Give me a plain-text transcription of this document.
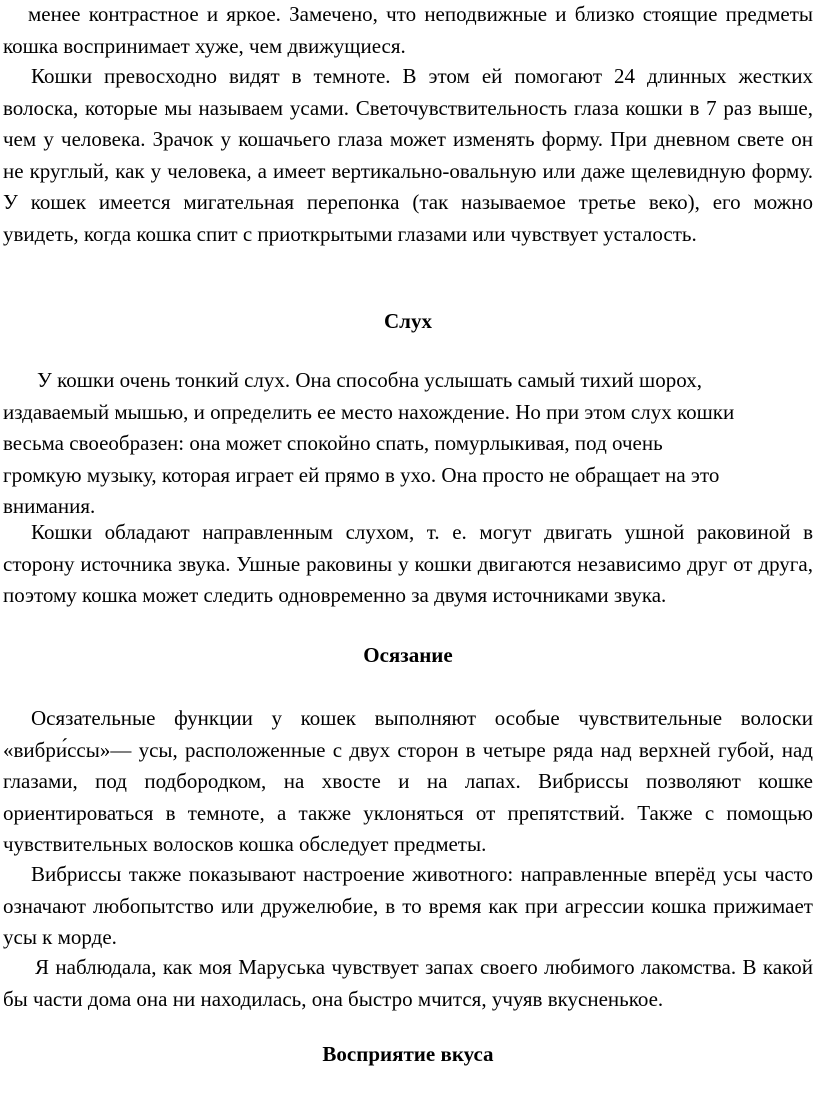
менее контрастное и яркое. Замечено, что неподвижные и близко стоящие предметы кошка воспринимает хуже, чем движущиеся.

Кошки превосходно видят в темноте. В этом ей помогают 24 длинных жестких волоска, которые мы называем усами. Светочувствительность глаза кошки в 7 раз выше, чем у человека. Зрачок у кошачьего глаза может изменять форму. При дневном свете он не круглый, как у человека, а имеет вертикально-овальную или даже щелевидную форму. У кошек имеется мигательная перепонка (так называемое третье веко), его можно увидеть, когда кошка спит с приоткрытыми глазами или чувствует усталость.

Слух
У кошки очень тонкий слух. Она способна услышать самый тихий шорох,
издаваемый мышью, и определить ее место нахождение. Но при этом слух кошки
весьма своеобразен: она может спокойно спать, помурлыкивая, под очень
громкую музыку, которая играет ей прямо в ухо. Она просто не обращает на это
внимания.

Кошки обладают направленным слухом, т. е. могут двигать ушной раковиной в сторону источника звука. Ушные раковины у кошки двигаются независимо друг от друга, поэтому кошка может следить одновременно за двумя источниками звука.

Осязание

Осязательные функции у кошек выполняют особые чувствительные волоски «вибри́ссы»— усы, расположенные с двух сторон в четыре ряда над верхней губой, над глазами, под подбородком, на хвосте и на лапах. Вибриссы позволяют кошке ориентироваться в темноте, а также уклоняться от препятствий. Также с помощью чувствительных волосков кошка обследует предметы.

Вибриссы также показывают настроение животного: направленные вперёд усы часто означают любопытство или дружелюбие, в то время как при агрессии кошка прижимает усы к морде.

Я наблюдала, как моя Маруська чувствует запах своего любимого лакомства. В какой бы части дома она ни находилась, она быстро мчится, учуяв вкусненькое.

Восприятие вкуса
